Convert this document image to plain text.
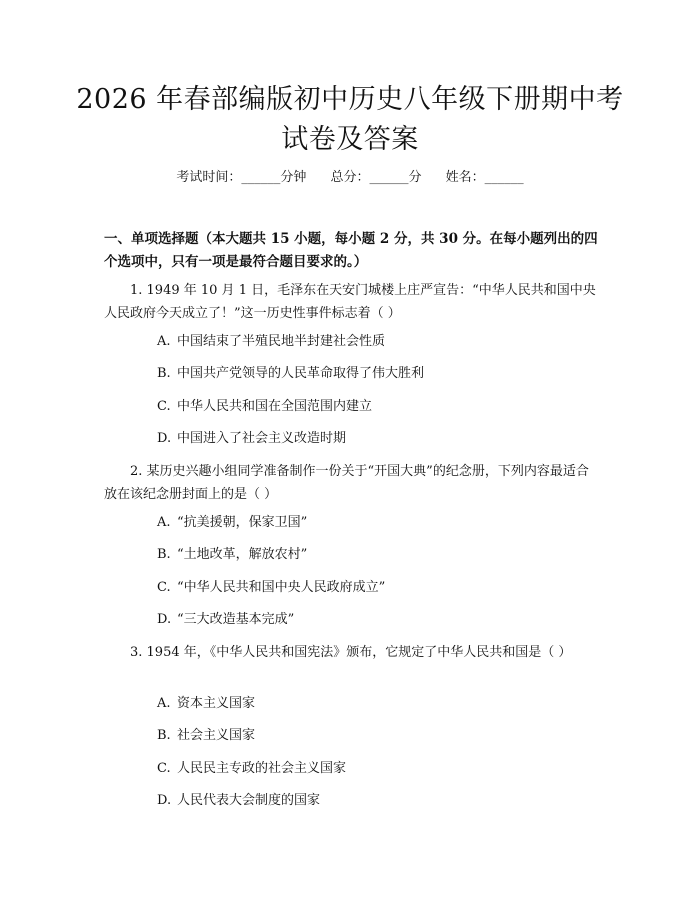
2026 年春部编版初中历史八年级下册期中考
试卷及答案
考试时间：______分钟 总分：______分 姓名：______
一、单项选择题（本大题共 15 小题，每小题 2 分，共 30 分。在每小题列出的四个选项中，只有一项是最符合题目要求的。）
1. 1949 年 10 月 1 日，毛泽东在天安门城楼上庄严宣告：“中华人民共和国中央人民政府今天成立了！”这一历史性事件标志着（ ）
A. 中国结束了半殖民地半封建社会性质
B. 中国共产党领导的人民革命取得了伟大胜利
C. 中华人民共和国在全国范围内建立
D. 中国进入了社会主义改造时期
2. 某历史兴趣小组同学准备制作一份关于“开国大典”的纪念册，下列内容最适合放在该纪念册封面上的是（ ）
A. “抗美援朝，保家卫国”
B. “土地改革，解放农村”
C. “中华人民共和国中央人民政府成立”
D. “三大改造基本完成”
3. 1954 年，《中华人民共和国宪法》颁布，它规定了中华人民共和国是（ ）
A. 资本主义国家
B. 社会主义国家
C. 人民民主专政的社会主义国家
D. 人民代表大会制度的国家
